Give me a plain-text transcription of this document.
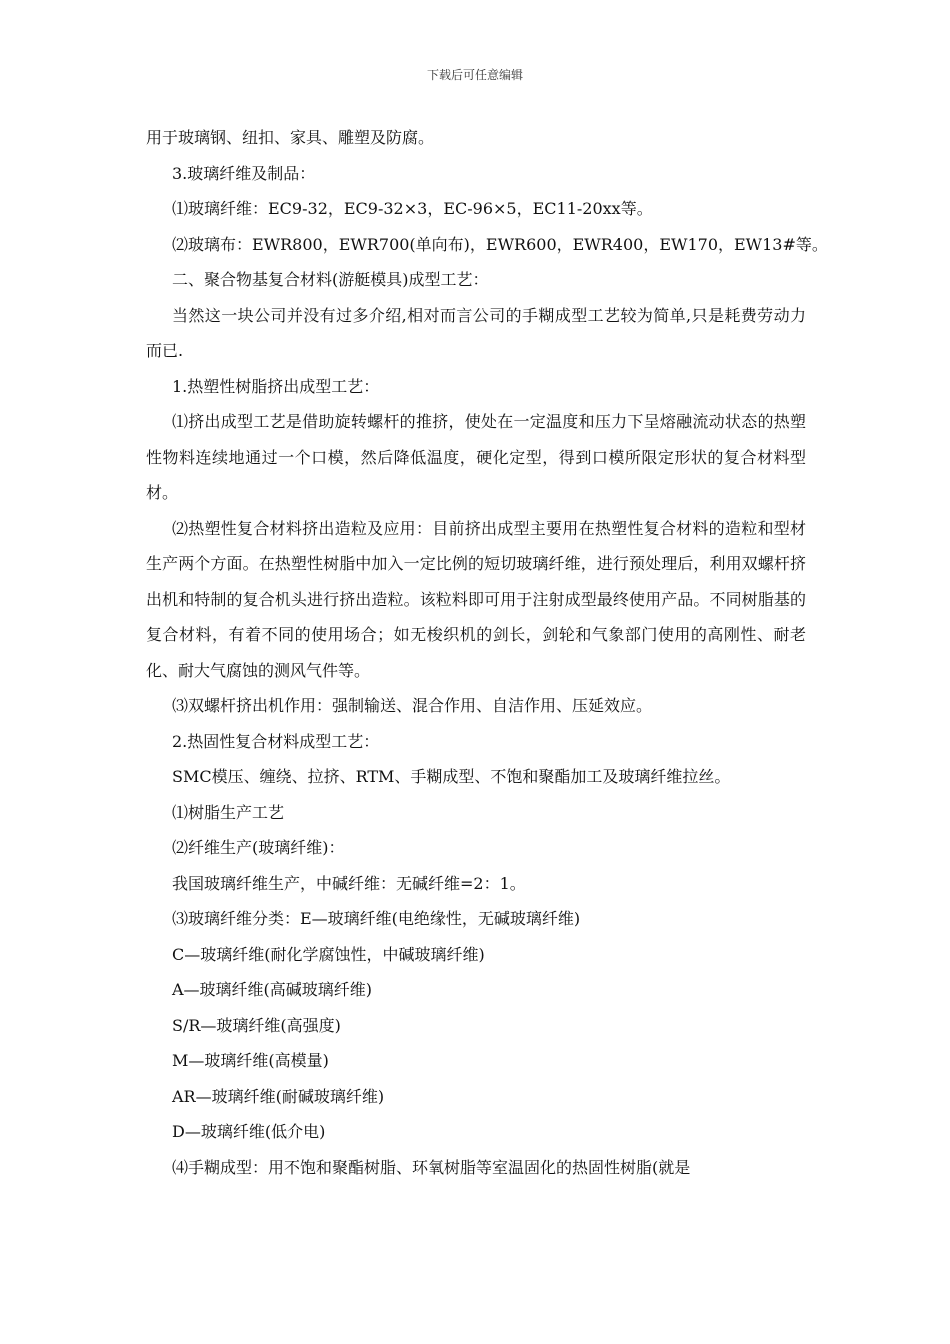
下载后可任意编辑

用于玻璃钢、纽扣、家具、雕塑及防腐。

3.玻璃纤维及制品：

⑴玻璃纤维：EC9-32，EC9-32×3，EC-96×5，EC11-20xx等。

⑵玻璃布：EWR800，EWR700(单向布)，EWR600，EWR400，EW170，EW13#等。

二、聚合物基复合材料(游艇模具)成型工艺：

当然这一块公司并没有过多介绍,相对而言公司的手糊成型工艺较为简单,只是耗费劳动力而已.

1.热塑性树脂挤出成型工艺：

⑴挤出成型工艺是借助旋转螺杆的推挤，使处在一定温度和压力下呈熔融流动状态的热塑性物料连续地通过一个口模，然后降低温度，硬化定型，得到口模所限定形状的复合材料型材。

⑵热塑性复合材料挤出造粒及应用：目前挤出成型主要用在热塑性复合材料的造粒和型材生产两个方面。在热塑性树脂中加入一定比例的短切玻璃纤维，进行预处理后，利用双螺杆挤出机和特制的复合机头进行挤出造粒。该粒料即可用于注射成型最终使用产品。不同树脂基的复合材料，有着不同的使用场合；如无梭织机的剑长，剑轮和气象部门使用的高刚性、耐老化、耐大气腐蚀的测风气件等。

⑶双螺杆挤出机作用：强制输送、混合作用、自洁作用、压延效应。

2.热固性复合材料成型工艺：

SMC模压、缠绕、拉挤、RTM、手糊成型、不饱和聚酯加工及玻璃纤维拉丝。

⑴树脂生产工艺

⑵纤维生产(玻璃纤维)：

我国玻璃纤维生产，中碱纤维：无碱纤维=2：1。

⑶玻璃纤维分类：E—玻璃纤维(电绝缘性，无碱玻璃纤维)

C—玻璃纤维(耐化学腐蚀性，中碱玻璃纤维)

A—玻璃纤维(高碱玻璃纤维)

S/R—玻璃纤维(高强度)

M—玻璃纤维(高模量)

AR—玻璃纤维(耐碱玻璃纤维)

D—玻璃纤维(低介电)

⑷手糊成型：用不饱和聚酯树脂、环氧树脂等室温固化的热固性树脂(就是
